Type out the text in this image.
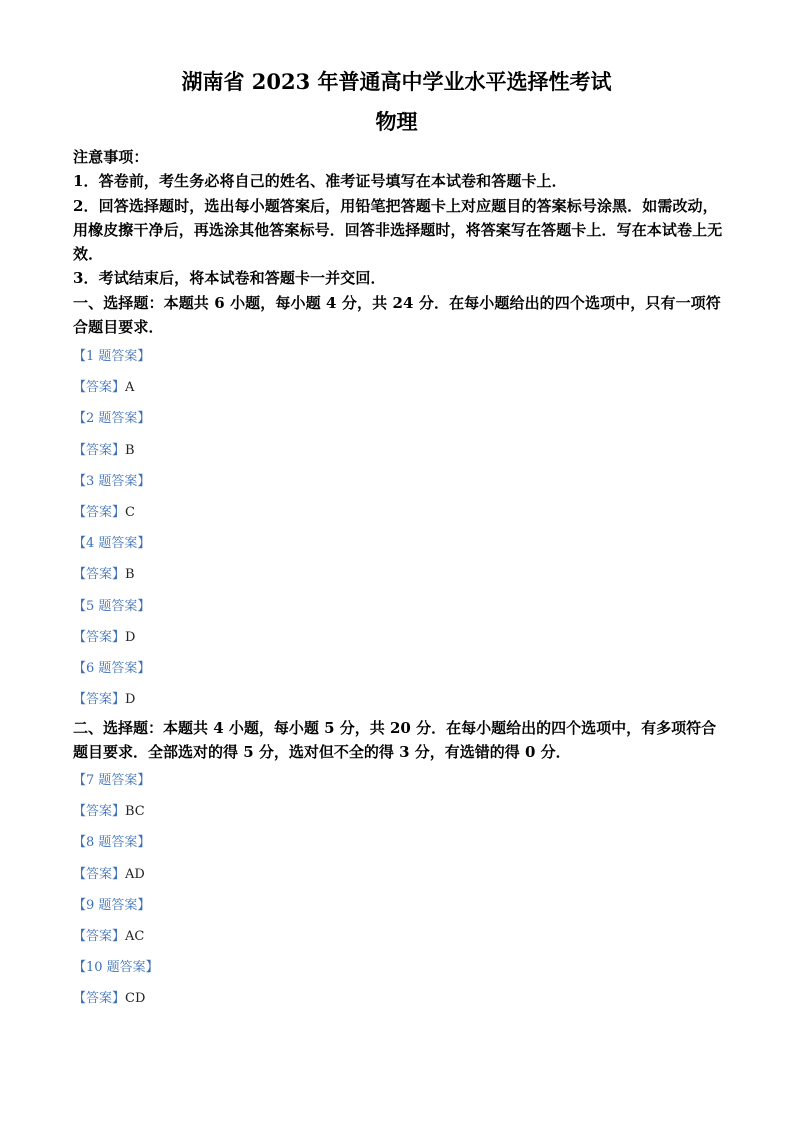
湖南省 2023 年普通高中学业水平选择性考试
物理

注意事项：

1．答卷前，考生务必将自己的姓名、准考证号填写在本试卷和答题卡上．

2．回答选择题时，选出每小题答案后，用铅笔把答题卡上对应题目的答案标号涂黑．如需改动，用橡皮擦干净后，再选涂其他答案标号．回答非选择题时，将答案写在答题卡上．写在本试卷上无效．

3．考试结束后，将本试卷和答题卡一并交回．

一、选择题：本题共 6 小题，每小题 4 分，共 24 分．在每小题给出的四个选项中，只有一项符合题目要求．

【1 题答案】
【答案】A
【2 题答案】
【答案】B
【3 题答案】
【答案】C
【4 题答案】
【答案】B
【5 题答案】
【答案】D
【6 题答案】
【答案】D
二、选择题：本题共 4 小题，每小题 5 分，共 20 分．在每小题给出的四个选项中，有多项符合题目要求．全部选对的得 5 分，选对但不全的得 3 分，有选错的得 0 分．
【7 题答案】
【答案】BC
【8 题答案】
【答案】AD
【9 题答案】
【答案】AC
【10 题答案】
【答案】CD
